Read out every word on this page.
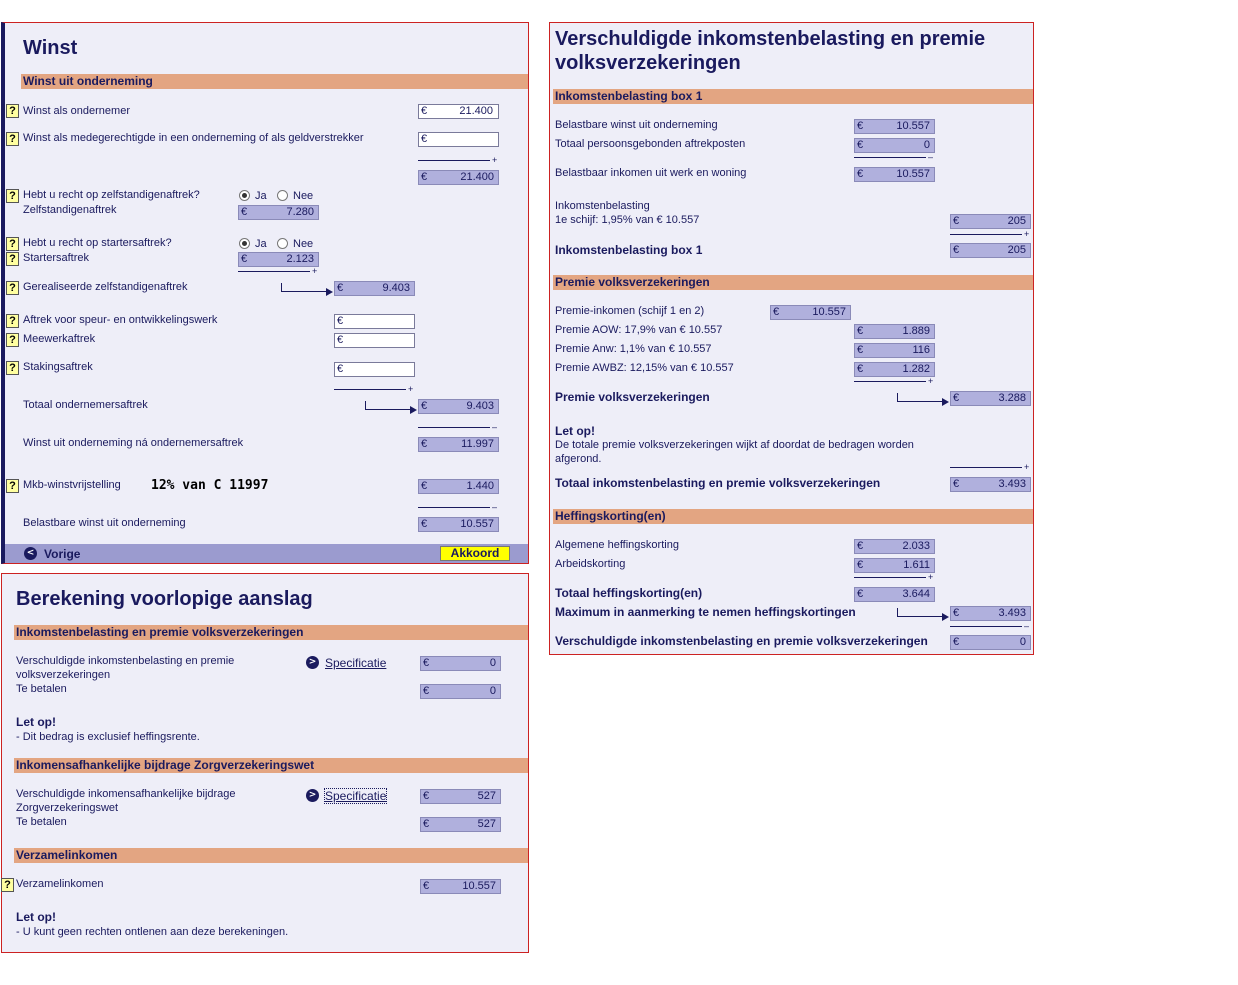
Winst
Winst uit onderneming
? Winst als ondernemer	€	21.400
? Winst als medegerechtigde in een onderneming of als geldverstrekker	€
+
€	21.400
? Hebt u recht op zelfstandigenaftrek?	Ja Nee
Zelfstandigenaftrek	€	7.280
? Hebt u recht op startersaftrek?	Ja Nee
? Startersaftrek	€	2.123
+
? Gerealiseerde zelfstandigenaftrek	€	9.403
? Aftrek voor speur- en ontwikkelingswerk	€
? Meewerkaftrek	€
? Stakingsaftrek	€
+
Totaal ondernemersaftrek	€	9.403
–
Winst uit onderneming ná ondernemersaftrek	€	11.997
? Mkb-winstvrijstelling 12% van C 11997	€	1.440
–
Belastbare winst uit onderneming	€	10.557
< Vorige	Akkoord
Berekening voorlopige aanslag
Inkomstenbelasting en premie volksverzekeringen
Verschuldigde inkomstenbelasting en premie
volksverzekeringen
> Specificatie	€	0
Te betalen	€	0
Let op!
- Dit bedrag is exclusief heffingsrente.
Inkomensafhankelijke bijdrage Zorgverzekeringswet
Verschuldigde inkomensafhankelijke bijdrage
Zorgverzekeringswet
> Specificatie	€	527
Te betalen	€	527
Verzamelinkomen
? Verzamelinkomen	€	10.557
Let op!
- U kunt geen rechten ontlenen aan deze berekeningen.
Verschuldigde inkomstenbelasting en premie
volksverzekeringen
Inkomstenbelasting box 1
Belastbare winst uit onderneming	€	10.557
Totaal persoonsgebonden aftrekposten	€	0
–
Belastbaar inkomen uit werk en woning	€	10.557
Inkomstenbelasting
1e schijf: 1,95% van € 10.557	€	205
+
Inkomstenbelasting box 1	€	205
Premie volksverzekeringen
Premie-inkomen (schijf 1 en 2)	€	10.557
Premie AOW: 17,9% van € 10.557	€	1.889
Premie Anw: 1,1% van € 10.557	€	116
Premie AWBZ: 12,15% van € 10.557	€	1.282
+
Premie volksverzekeringen	€	3.288
Let op!
De totale premie volksverzekeringen wijkt af doordat de bedragen worden
afgerond.
+
Totaal inkomstenbelasting en premie volksverzekeringen	€	3.493
Heffingskorting(en)
Algemene heffingskorting	€	2.033
Arbeidskorting	€	1.611
+
Totaal heffingskorting(en)	€	3.644
Maximum in aanmerking te nemen heffingskortingen	€	3.493
–
Verschuldigde inkomstenbelasting en premie volksverzekeringen €	0
